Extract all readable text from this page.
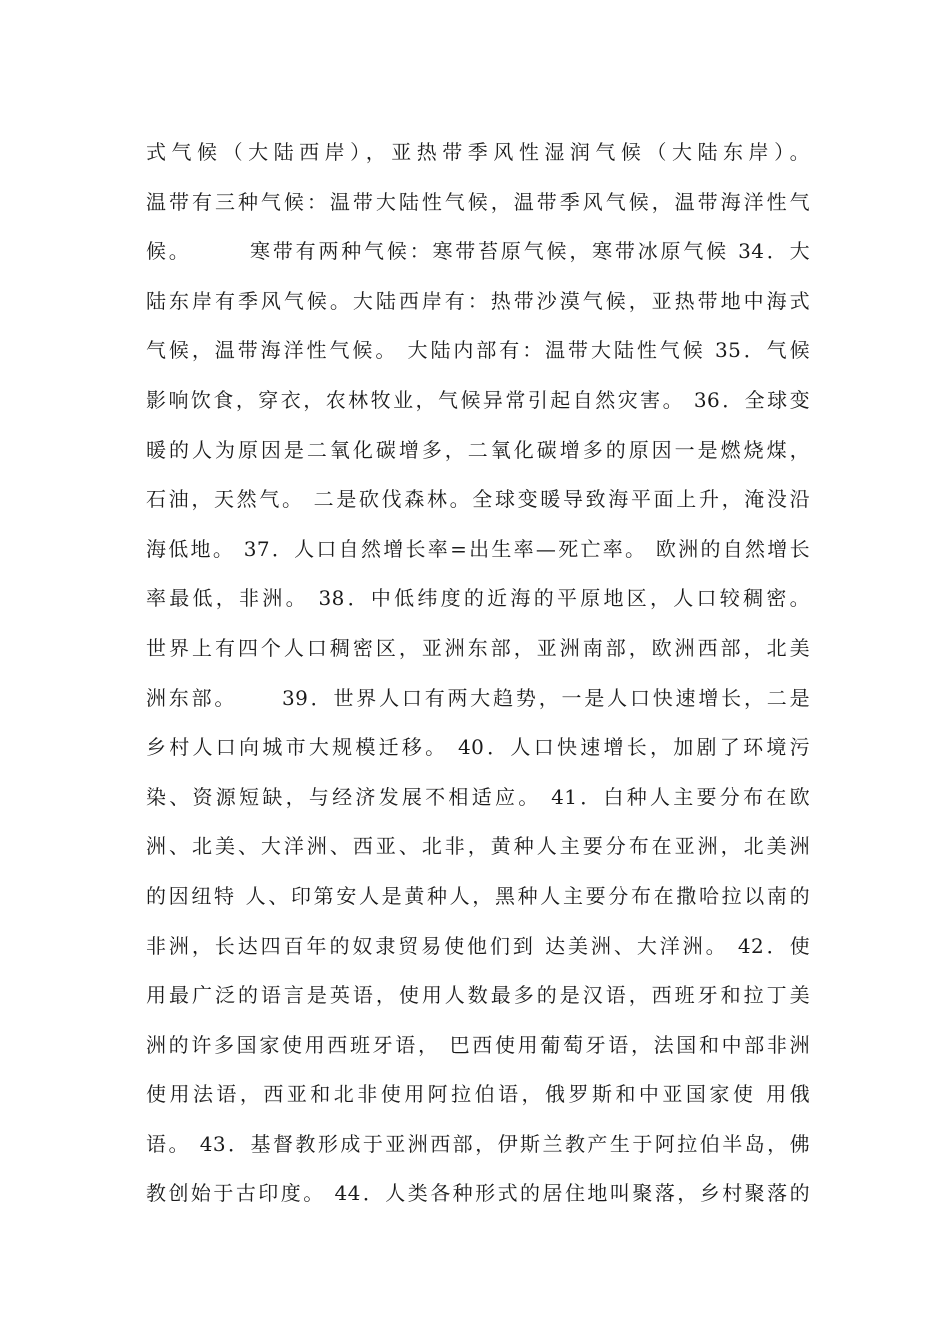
式气候（大陆西岸），亚热带季风性湿润气候（大陆东岸）。
温带有三种气候：温带大陆性气候，温带季风气候，温带海洋性气
候。　　　寒带有两种气候：寒带苔原气候，寒带冰原气候 34．大
陆东岸有季风气候。大陆西岸有：热带沙漠气候，亚热带地中海式
气候，温带海洋性气候。 大陆内部有：温带大陆性气候 35．气候
影响饮食，穿衣，农林牧业，气候异常引起自然灾害。 36．全球变
暖的人为原因是二氧化碳增多，二氧化碳增多的原因一是燃烧煤，
石油，天然气。 二是砍伐森林。全球变暖导致海平面上升，淹没沿
海低地。 37．人口自然增长率=出生率—死亡率。 欧洲的自然增长
率最低，非洲。 38．中低纬度的近海的平原地区，人口较稠密。
世界上有四个人口稠密区，亚洲东部，亚洲南部，欧洲西部，北美
洲东部。　　 39．世界人口有两大趋势，一是人口快速增长，二是
乡村人口向城市大规模迁移。 40．人口快速增长，加剧了环境污
染、资源短缺，与经济发展不相适应。 41．白种人主要分布在欧
洲、北美、大洋洲、西亚、北非，黄种人主要分布在亚洲，北美洲
的因纽特 人、印第安人是黄种人，黑种人主要分布在撒哈拉以南的
非洲，长达四百年的奴隶贸易使他们到 达美洲、大洋洲。 42．使
用最广泛的语言是英语，使用人数最多的是汉语，西班牙和拉丁美
洲的许多国家使用西班牙语， 巴西使用葡萄牙语，法国和中部非洲
使用法语，西亚和北非使用阿拉伯语，俄罗斯和中亚国家使 用俄
语。 43．基督教形成于亚洲西部，伊斯兰教产生于阿拉伯半岛，佛
教创始于古印度。 44．人类各种形式的居住地叫聚落，乡村聚落的
